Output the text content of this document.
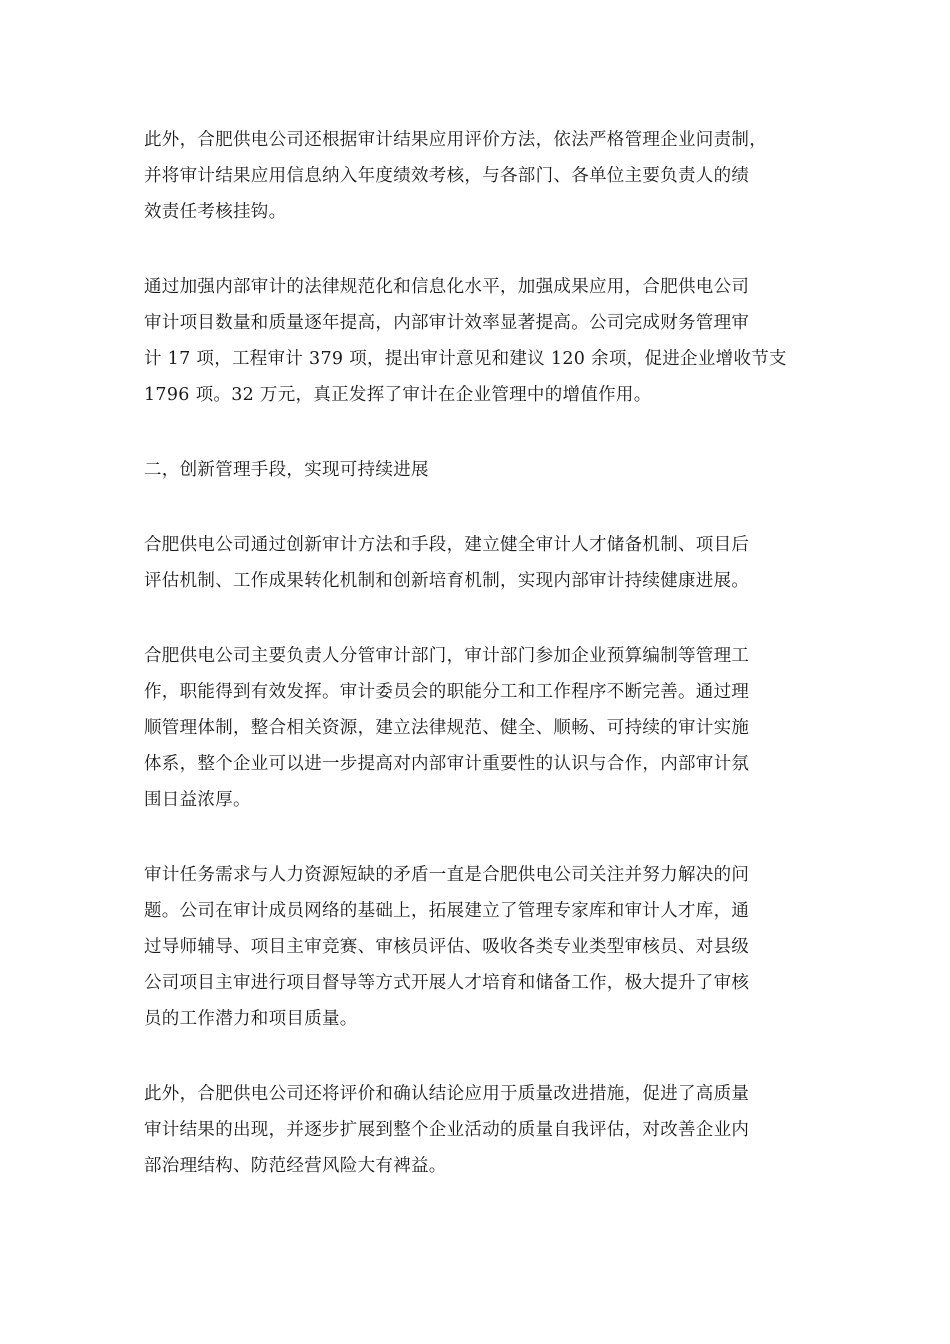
此外，合肥供电公司还根据审计结果应用评价方法，依法严格管理企业问责制，
并将审计结果应用信息纳入年度绩效考核，与各部门、各单位主要负责人的绩
效责任考核挂钩。
通过加强内部审计的法律规范化和信息化水平，加强成果应用，合肥供电公司
审计项目数量和质量逐年提高，内部审计效率显著提高。公司完成财务管理审
计 17 项，工程审计 379 项，提出审计意见和建议 120 余项，促进企业增收节支
1796 项。32 万元，真正发挥了审计在企业管理中的增值作用。
二，创新管理手段，实现可持续进展
合肥供电公司通过创新审计方法和手段，建立健全审计人才储备机制、项目后
评估机制、工作成果转化机制和创新培育机制，实现内部审计持续健康进展。
合肥供电公司主要负责人分管审计部门，审计部门参加企业预算编制等管理工
作，职能得到有效发挥。审计委员会的职能分工和工作程序不断完善。通过理
顺管理体制，整合相关资源，建立法律规范、健全、顺畅、可持续的审计实施
体系，整个企业可以进一步提高对内部审计重要性的认识与合作，内部审计氛
围日益浓厚。
审计任务需求与人力资源短缺的矛盾一直是合肥供电公司关注并努力解决的问
题。公司在审计成员网络的基础上，拓展建立了管理专家库和审计人才库，通
过导师辅导、项目主审竞赛、审核员评估、吸收各类专业类型审核员、对县级
公司项目主审进行项目督导等方式开展人才培育和储备工作，极大提升了审核
员的工作潜力和项目质量。
此外，合肥供电公司还将评价和确认结论应用于质量改进措施，促进了高质量
审计结果的出现，并逐步扩展到整个企业活动的质量自我评估，对改善企业内
部治理结构、防范经营风险大有裨益。
